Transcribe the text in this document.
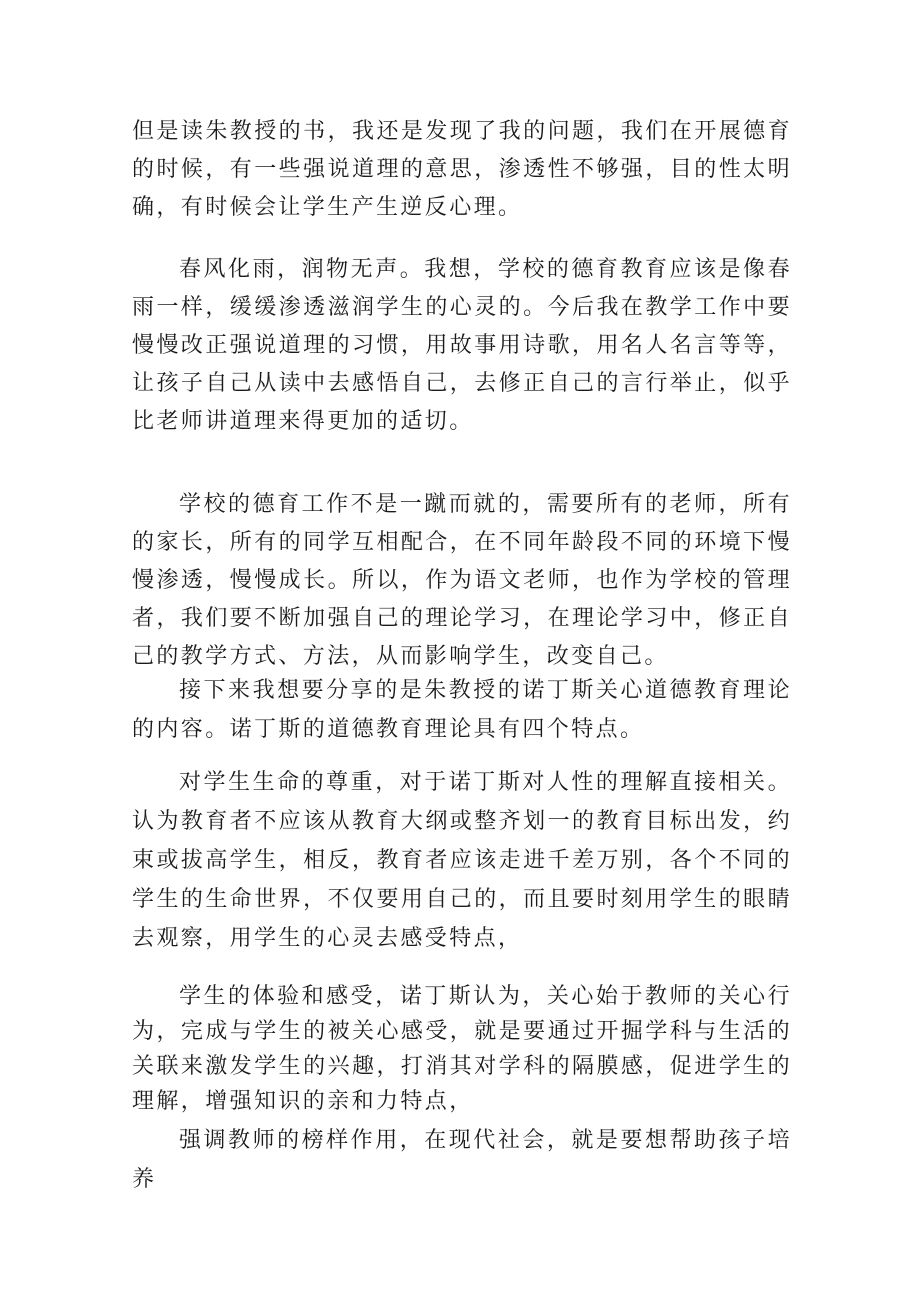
但是读朱教授的书，我还是发现了我的问题，我们在开展德育的时候，有一些强说道理的意思，渗透性不够强，目的性太明确，有时候会让学生产生逆反心理。

春风化雨，润物无声。我想，学校的德育教育应该是像春雨一样，缓缓渗透滋润学生的心灵的。今后我在教学工作中要慢慢改正强说道理的习惯，用故事用诗歌，用名人名言等等，让孩子自己从读中去感悟自己，去修正自己的言行举止，似乎比老师讲道理来得更加的适切。

学校的德育工作不是一蹴而就的，需要所有的老师，所有的家长，所有的同学互相配合，在不同年龄段不同的环境下慢慢渗透，慢慢成长。所以，作为语文老师，也作为学校的管理者，我们要不断加强自己的理论学习，在理论学习中，修正自己的教学方式、方法，从而影响学生，改变自己。

接下来我想要分享的是朱教授的诺丁斯关心道德教育理论的内容。诺丁斯的道德教育理论具有四个特点。

对学生生命的尊重，对于诺丁斯对人性的理解直接相关。认为教育者不应该从教育大纲或整齐划一的教育目标出发，约束或拔高学生，相反，教育者应该走进千差万别，各个不同的学生的生命世界，不仅要用自己的，而且要时刻用学生的眼睛去观察，用学生的心灵去感受特点，

学生的体验和感受，诺丁斯认为，关心始于教师的关心行为，完成与学生的被关心感受，就是要通过开掘学科与生活的关联来激发学生的兴趣，打消其对学科的隔膜感，促进学生的理解，增强知识的亲和力特点，

强调教师的榜样作用，在现代社会，就是要想帮助孩子培养
